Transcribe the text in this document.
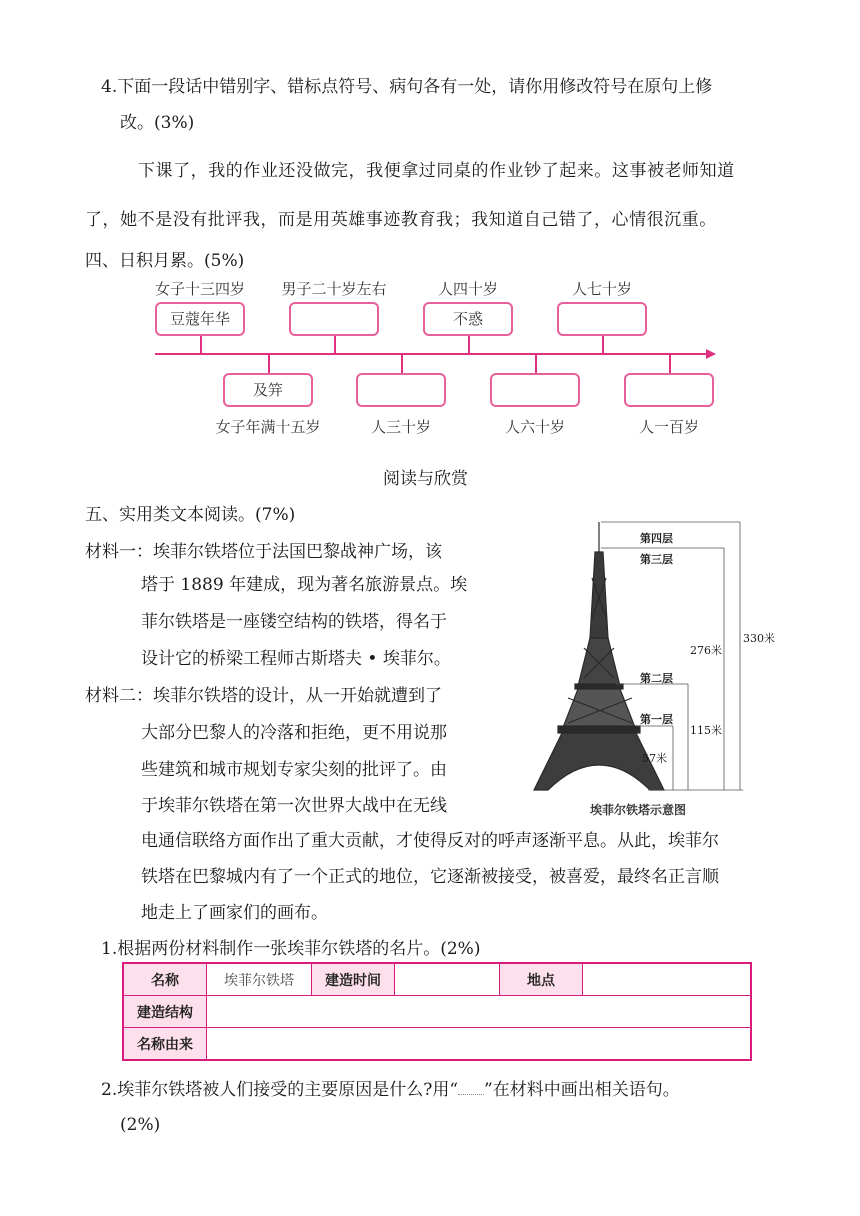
4.下面一段话中错别字、错标点符号、病句各有一处，请你用修改符号在原句上修
改。(3%)
下课了，我的作业还没做完，我便拿过同桌的作业钞了起来。这事被老师知道
了，她不是没有批评我，而是用英雄事迹教育我；我知道自己错了，心情很沉重。
四、日积月累。(5%)
女子十三四岁 男子二十岁左右	人四十岁	人七十岁
豆蔻年华	不惑
及笄
女子年满十五岁	人三十岁	人六十岁	人一百岁
阅读与欣赏
五、实用类文本阅读。(7%)
材料一：埃菲尔铁塔位于法国巴黎战神广场，该
塔于 1889 年建成，现为著名旅游景点。埃
菲尔铁塔是一座镂空结构的铁塔，得名于
设计它的桥梁工程师古斯塔夫 • 埃菲尔。
材料二：埃菲尔铁塔的设计，从一开始就遭到了
大部分巴黎人的冷落和拒绝，更不用说那
些建筑和城市规划专家尖刻的批评了。由
于埃菲尔铁塔在第一次世界大战中在无线
电通信联络方面作出了重大贡献，才使得反对的呼声逐渐平息。从此，埃菲尔
铁塔在巴黎城内有了一个正式的地位，它逐渐被接受，被喜爱，最终名正言顺
地走上了画家们的画布。
第四层
第三层
第二层
第一层
330米
276米
115米
57米
埃菲尔铁塔示意图
1.根据两份材料制作一张埃菲尔铁塔的名片。(2%)
名称	埃菲尔铁塔	建造时间		地点	
建造结构					
名称由来					
2.埃菲尔铁塔被人们接受的主要原因是什么?用“ ”在材料中画出相关语句。
(2%)
